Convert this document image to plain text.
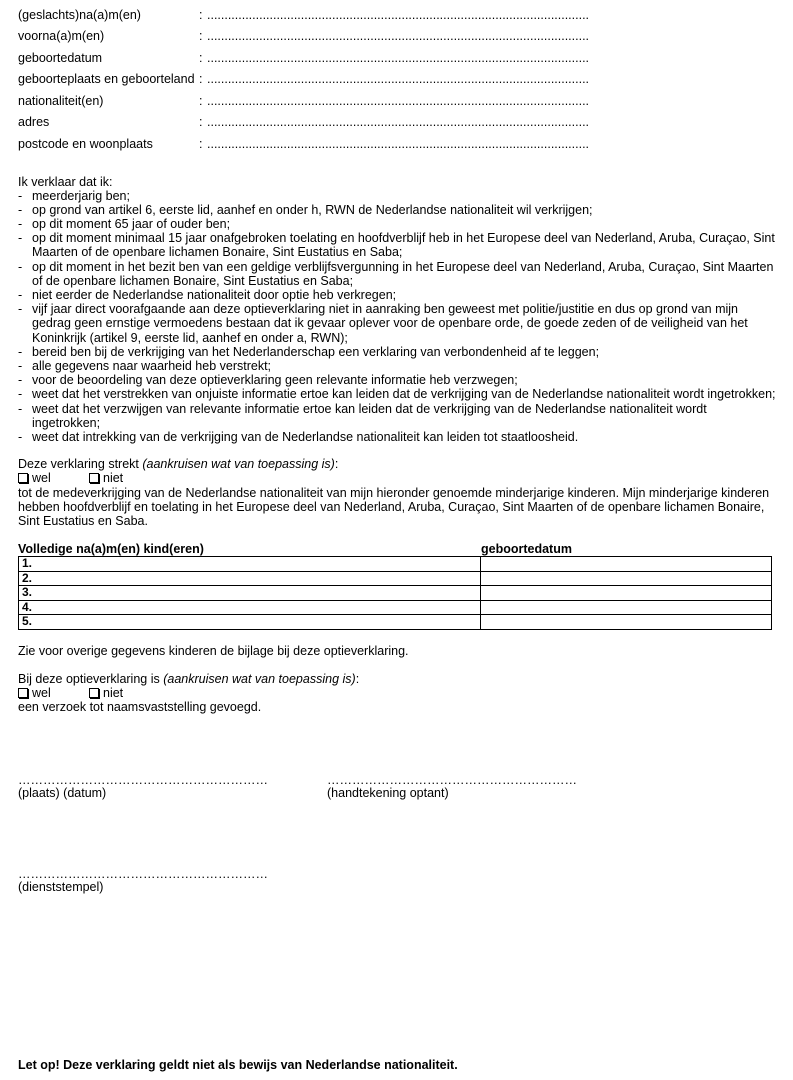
(geslachts)na(a)m(en)	: ..............................................................................................................
voorna(a)m(en)	: ..............................................................................................................
geboortedatum	: ..............................................................................................................
geboorteplaats en geboorteland : ..............................................................................................................
nationaliteit(en)	: ..............................................................................................................
adres	: ..............................................................................................................
postcode en woonplaats	: ..............................................................................................................
Ik verklaar dat ik:
- meerderjarig ben;
- op grond van artikel 6, eerste lid, aanhef en onder h, RWN de Nederlandse nationaliteit wil verkrijgen;
- op dit moment 65 jaar of ouder ben;
- op dit moment minimaal 15 jaar onafgebroken toelating en hoofdverblijf heb in het Europese deel van Nederland, Aruba, Curaçao, Sint Maarten of de openbare lichamen Bonaire, Sint Eustatius en Saba;
- op dit moment in het bezit ben van een geldige verblijfsvergunning in het Europese deel van Nederland, Aruba, Curaçao, Sint Maarten of de openbare lichamen Bonaire, Sint Eustatius en Saba;
- niet eerder de Nederlandse nationaliteit door optie heb verkregen;
- vijf jaar direct voorafgaande aan deze optieverklaring niet in aanraking ben geweest met politie/justitie en dus op grond van mijn gedrag geen ernstige vermoedens bestaan dat ik gevaar oplever voor de openbare orde, de goede zeden of de veiligheid van het Koninkrijk (artikel 9, eerste lid, aanhef en onder a, RWN);
- bereid ben bij de verkrijging van het Nederlanderschap een verklaring van verbondenheid af te leggen;
- alle gegevens naar waarheid heb verstrekt;
- voor de beoordeling van deze optieverklaring geen relevante informatie heb verzwegen;
- weet dat het verstrekken van onjuiste informatie ertoe kan leiden dat de verkrijging van de Nederlandse nationaliteit wordt ingetrokken;
- weet dat het verzwijgen van relevante informatie ertoe kan leiden dat de verkrijging van de Nederlandse nationaliteit wordt ingetrokken;
- weet dat intrekking van de verkrijging van de Nederlandse nationaliteit kan leiden tot staatloosheid.
Deze verklaring strekt (aankruisen wat van toepassing is):
wel	niet
tot de medeverkrijging van de Nederlandse nationaliteit van mijn hieronder genoemde minderjarige kinderen. Mijn minderjarige kinderen hebben hoofdverblijf en toelating in het Europese deel van Nederland, Aruba, Curaçao, Sint Maarten of de openbare lichamen Bonaire, Sint Eustatius en Saba.
Volledige na(a)m(en) kind(eren)	geboortedatum
1.	
2.	
3.	
4.	
5.	
Zie voor overige gegevens kinderen de bijlage bij deze optieverklaring.
Bij deze optieverklaring is (aankruisen wat van toepassing is):
wel	niet
een verzoek tot naamsvaststelling gevoegd.
……………………………………………………
(plaats) (datum)
……………………………………………………
(handtekening optant)
……………………………………………………
(dienststempel)
Let op! Deze verklaring geldt niet als bewijs van Nederlandse nationaliteit.
